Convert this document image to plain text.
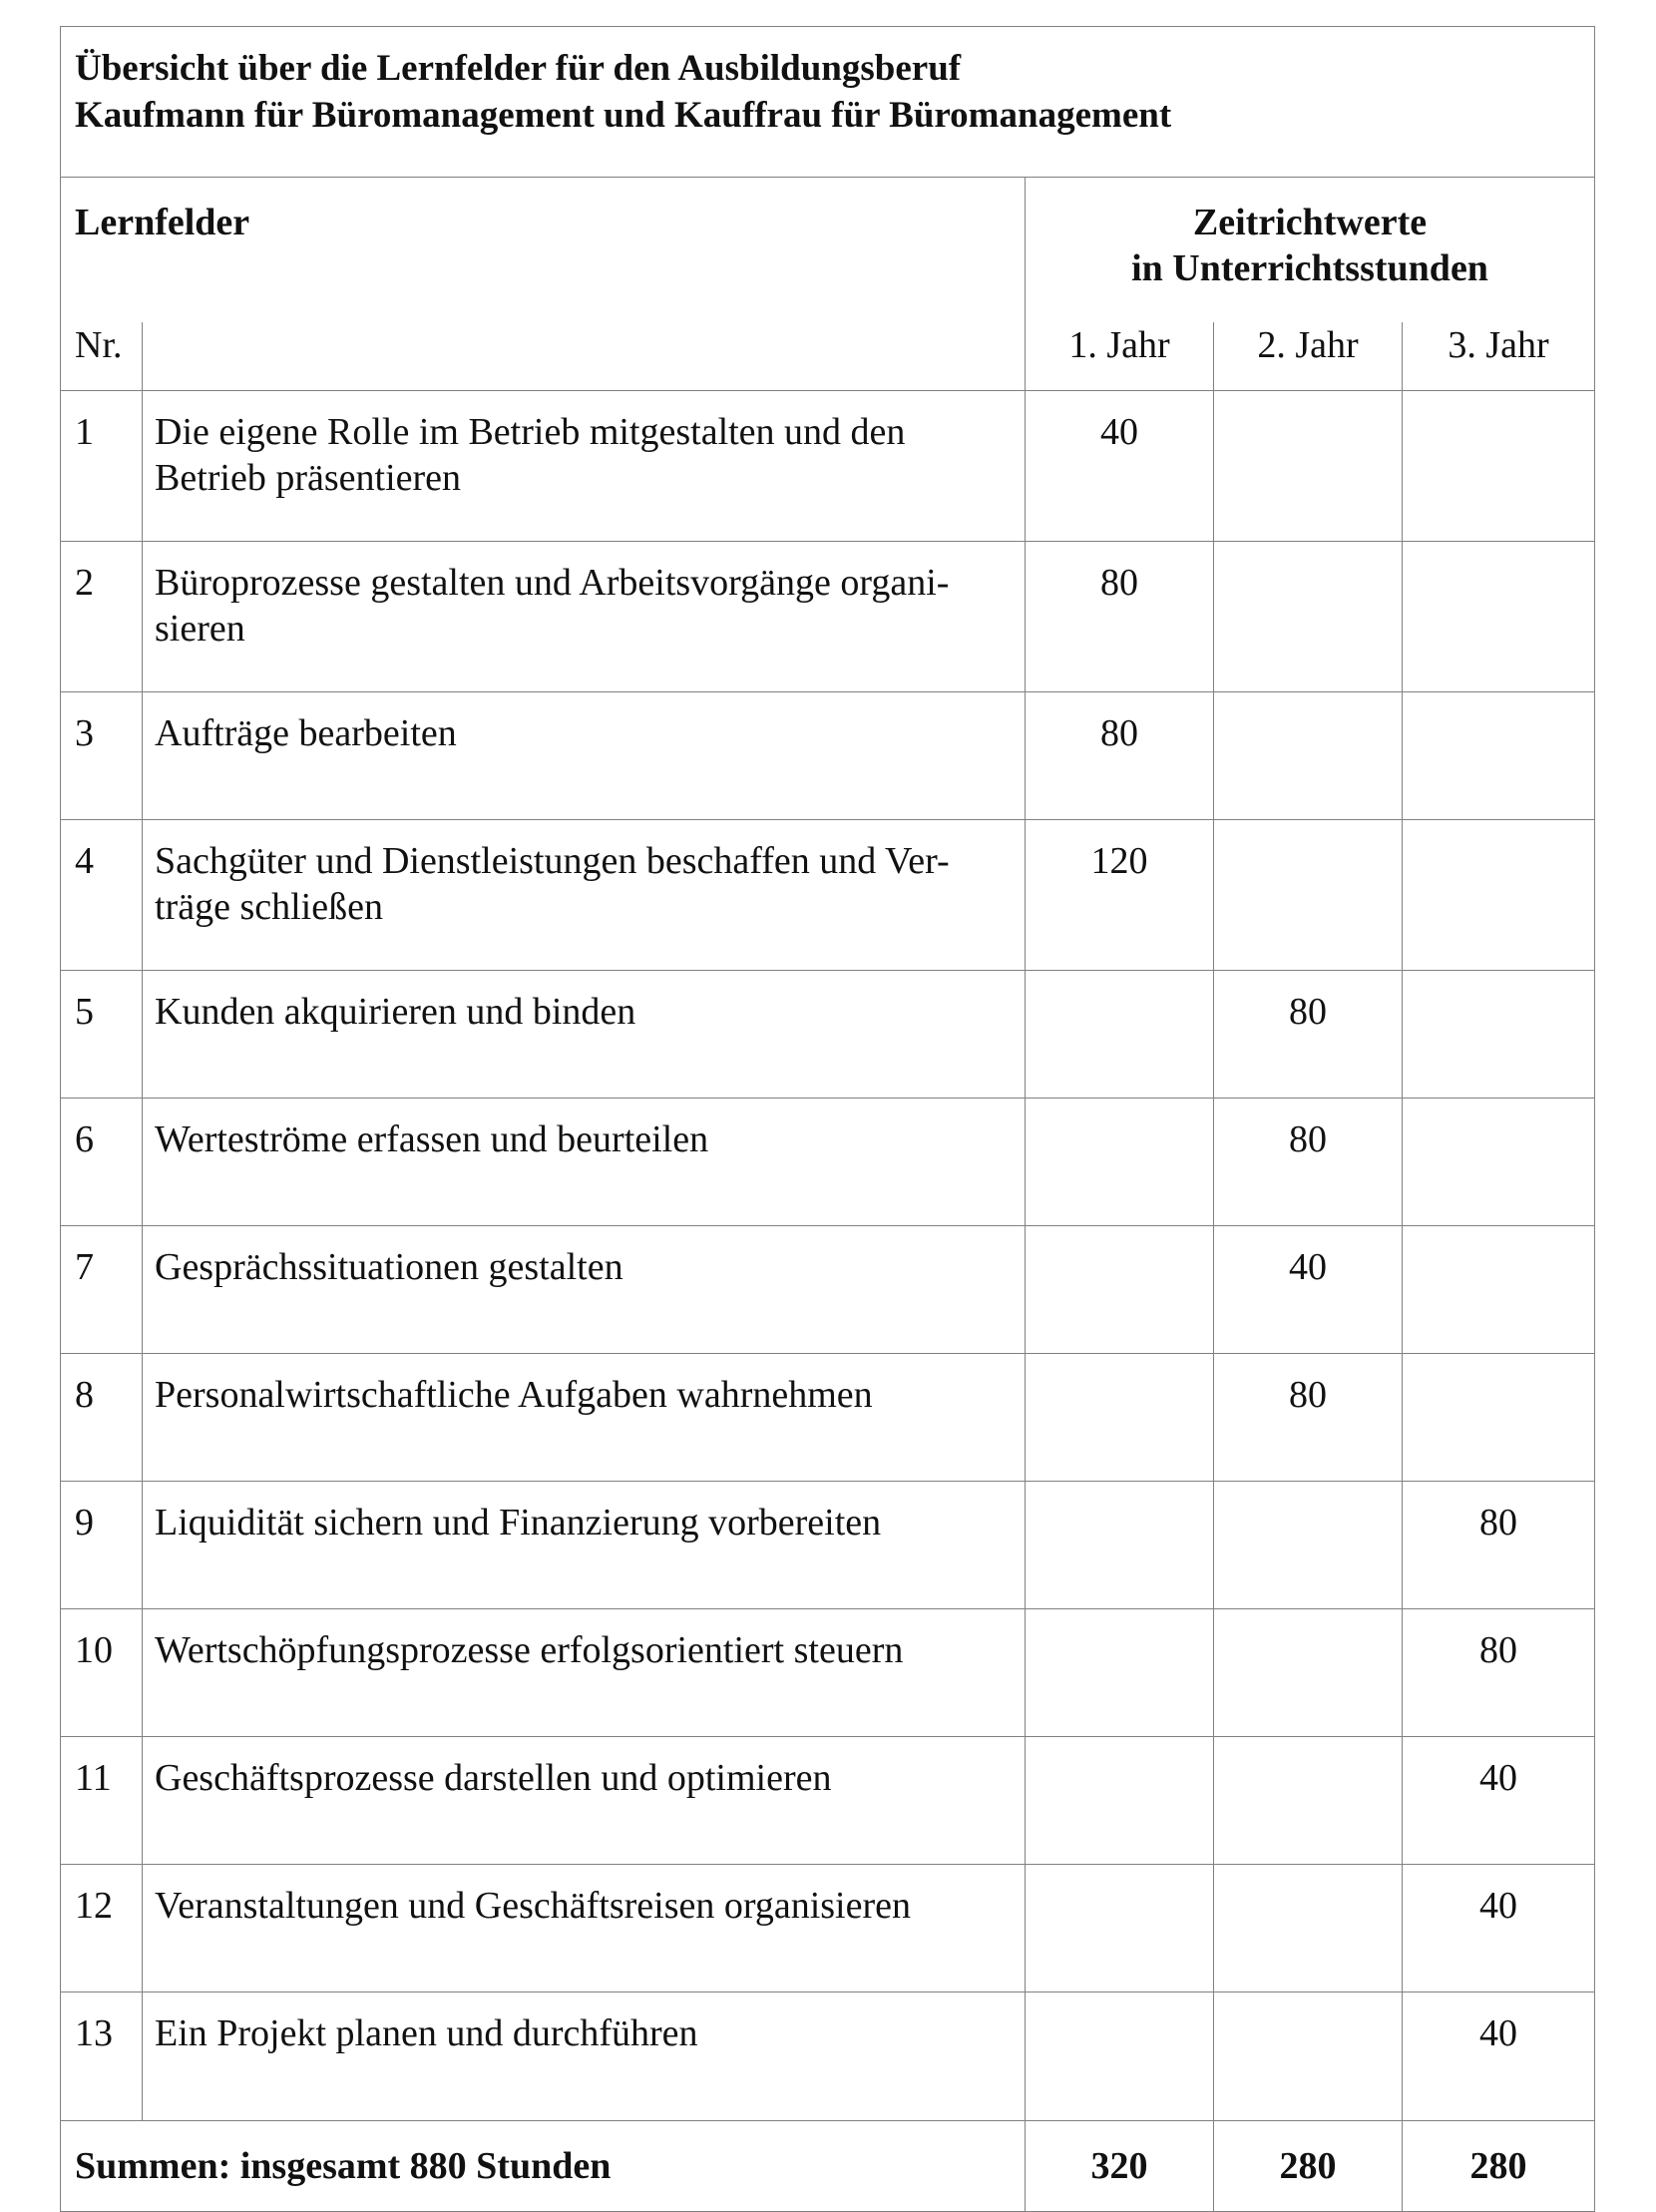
Übersicht über die Lernfelder für den Ausbildungsberuf
Kaufmann für Büromanagement und Kauffrau für Büromanagement				

Lernfelder		Zeitrichtwerte
in Unterrichtsstunden		

Nr.		1. Jahr	2. Jahr	3. Jahr
1	Die eigene Rolle im Betrieb mitgestalten und den
Betrieb präsentieren	40		
2	Büroprozesse gestalten und Arbeitsvorgänge organi-
sieren	80		
3	Aufträge bearbeiten	80		
4	Sachgüter und Dienstleistungen beschaffen und Ver-
träge schließen	120		
5	Kunden akquirieren und binden		80	
6	Werteströme erfassen und beurteilen		80	
7	Gesprächssituationen gestalten		40	
8	Personalwirtschaftliche Aufgaben wahrnehmen		80	
9	Liquidität sichern und Finanzierung vorbereiten			80
10	Wertschöpfungsprozesse erfolgsorientiert steuern			80
11	Geschäftsprozesse darstellen und optimieren			40
12	Veranstaltungen und Geschäftsreisen organisieren			40
13	Ein Projekt planen und durchführen			40
Summen: insgesamt 880 Stunden		320	280	280
